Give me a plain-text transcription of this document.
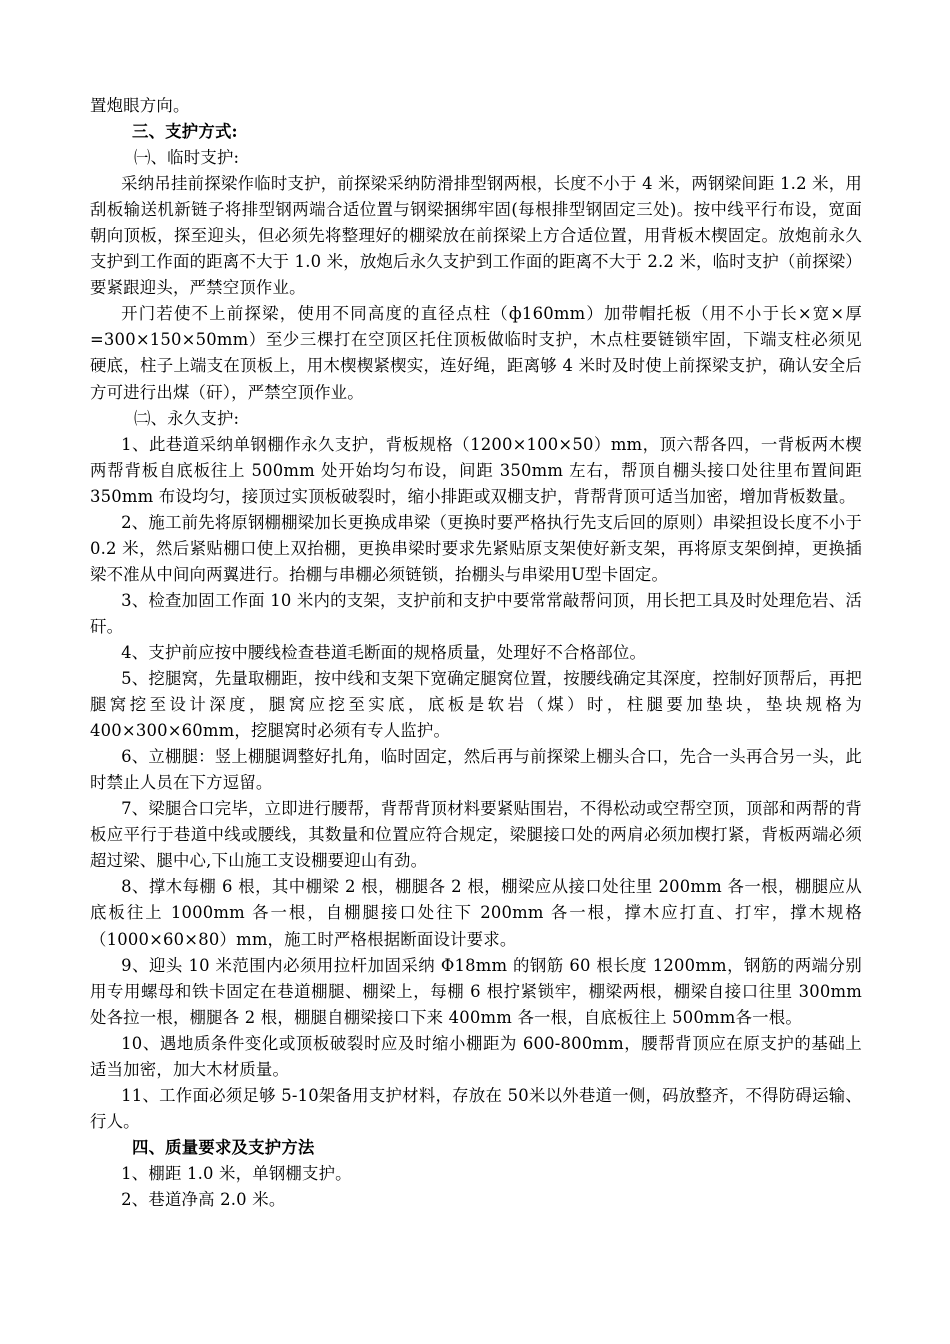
置炮眼方向。

三、支护方式:

㈠、临时支护:

采纳吊挂前探梁作临时支护，前探梁采纳防滑排型钢两根，长度不小于 4 米，两钢梁间距 1.2 米，用刮板输送机新链子将排型钢两端合适位置与钢梁捆绑牢固(每根排型钢固定三处)。按中线平行布设，宽面朝向顶板，探至迎头，但必须先将整理好的棚梁放在前探梁上方合适位置，用背板木楔固定。放炮前永久支护到工作面的距离不大于 1.0 米，放炮后永久支护到工作面的距离不大于 2.2 米，临时支护（前探梁）要紧跟迎头，严禁空顶作业。

开门若使不上前探梁，使用不同高度的直径点柱（ф160mm）加带帽托板（用不小于长×宽×厚=300×150×50mm）至少三棵打在空顶区托住顶板做临时支护，木点柱要链锁牢固，下端支柱必须见硬底，柱子上端支在顶板上，用木楔楔紧楔实，连好绳，距离够 4 米时及时使上前探梁支护，确认安全后方可进行出煤（矸），严禁空顶作业。

㈡、永久支护:

1、此巷道采纳单钢棚作永久支护，背板规格（1200×100×50）mm，顶六帮各四，一背板两木楔两帮背板自底板往上 500mm 处开始均匀布设，间距 350mm 左右，帮顶自棚头接口处往里布置间距 350mm 布设均匀，接顶过实顶板破裂时，缩小排距或双棚支护，背帮背顶可适当加密，增加背板数量。

2、施工前先将原钢棚棚梁加长更换成串梁（更换时要严格执行先支后回的原则）串梁担设长度不小于 0.2 米，然后紧贴棚口使上双抬棚，更换串梁时要求先紧贴原支架使好新支架，再将原支架倒掉，更换插梁不准从中间向两翼进行。抬棚与串棚必须链锁，抬棚头与串梁用U型卡固定。

3、检查加固工作面 10 米内的支架，支护前和支护中要常常敲帮问顶，用长把工具及时处理危岩、活矸。

4、支护前应按中腰线检查巷道毛断面的规格质量，处理好不合格部位。

5、挖腿窝，先量取棚距，按中线和支架下宽确定腿窝位置，按腰线确定其深度，控制好顶帮后，再把腿窝挖至设计深度，腿窝应挖至实底，底板是软岩（煤）时，柱腿要加垫块，垫块规格为 400×300×60mm，挖腿窝时必须有专人监护。

6、立棚腿：竖上棚腿调整好扎角，临时固定，然后再与前探梁上棚头合口，先合一头再合另一头，此时禁止人员在下方逗留。

7、梁腿合口完毕，立即进行腰帮，背帮背顶材料要紧贴围岩，不得松动或空帮空顶，顶部和两帮的背板应平行于巷道中线或腰线，其数量和位置应符合规定，梁腿接口处的两肩必须加楔打紧，背板两端必须超过梁、腿中心,下山施工支设棚要迎山有劲。

8、撑木每棚 6 根，其中棚梁 2 根，棚腿各 2 根，棚梁应从接口处往里 200mm 各一根，棚腿应从底板往上 1000mm 各一根，自棚腿接口处往下 200mm 各一根，撑木应打直、打牢，撑木规格（1000×60×80）mm，施工时严格根据断面设计要求。

9、迎头 10 米范围内必须用拉杆加固采纳 Φ18mm 的钢筋 60 根长度 1200mm，钢筋的两端分别用专用螺母和铁卡固定在巷道棚腿、棚梁上，每棚 6 根拧紧锁牢，棚梁两根，棚梁自接口往里 300mm 处各拉一根，棚腿各 2 根，棚腿自棚梁接口下来 400mm 各一根，自底板往上 500mm各一根。

10、遇地质条件变化或顶板破裂时应及时缩小棚距为 600-800mm，腰帮背顶应在原支护的基础上适当加密，加大木材质量。

11、工作面必须足够 5-10架备用支护材料，存放在 50米以外巷道一侧，码放整齐，不得防碍运输、行人。

四、质量要求及支护方法

1、棚距 1.0 米，单钢棚支护。

2、巷道净高 2.0 米。
